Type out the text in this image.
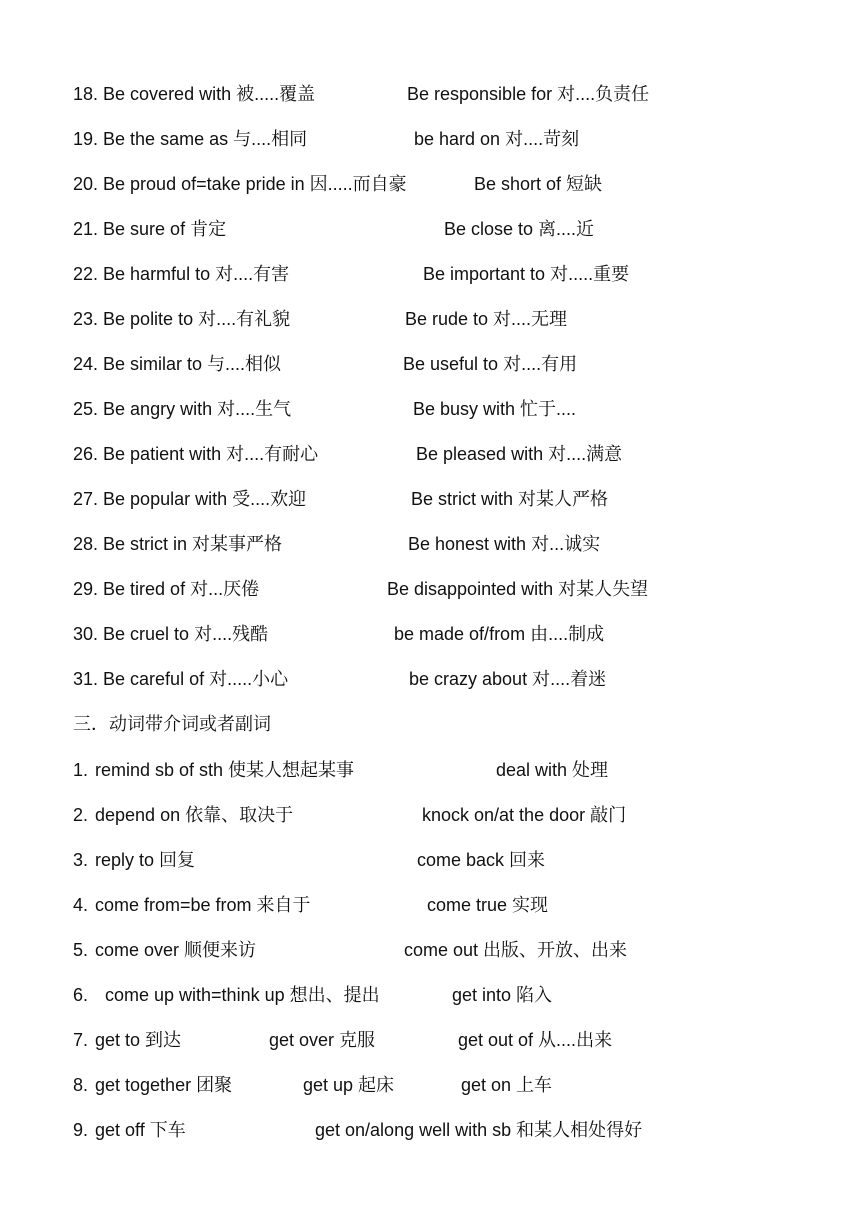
18. Be covered with 被.....覆盖	Be responsible for 对....负责任
19. Be the same as 与....相同	be hard on 对....苛刻
20. Be proud of=take pride in 因.....而自豪	Be short of 短缺
21. Be sure of 肯定	Be close to 离....近
22. Be harmful to 对....有害	Be important to 对.....重要
23. Be polite to 对....有礼貌	Be rude to 对....无理
24. Be similar to 与....相似	Be useful to 对....有用
25. Be angry with 对....生气	Be busy with 忙于....
26. Be patient with 对....有耐心	Be pleased with 对....满意
27. Be popular with 受....欢迎	Be strict with 对某人严格
28. Be strict in 对某事严格	Be honest with 对...诚实
29. Be tired of 对...厌倦	Be disappointed with 对某人失望
30. Be cruel to 对....残酷	be made of/from 由....制成
31. Be careful of 对.....小心	be crazy about 对....着迷
三．动词带介词或者副词
1. remind sb of sth 使某人想起某事	deal with 处理
2. depend on 依靠、取决于	knock on/at the door 敲门
3. reply to 回复	come back 回来
4. come from=be from 来自于	come true 实现
5. come over 顺便来访	come out 出版、开放、出来
6. come up with=think up 想出、提出	get into 陷入
7. get to 到达	get over 克服	get out of 从....出来
8. get together 团聚	get up 起床	get on 上车
9. get off 下车	get on/along well with sb 和某人相处得好
